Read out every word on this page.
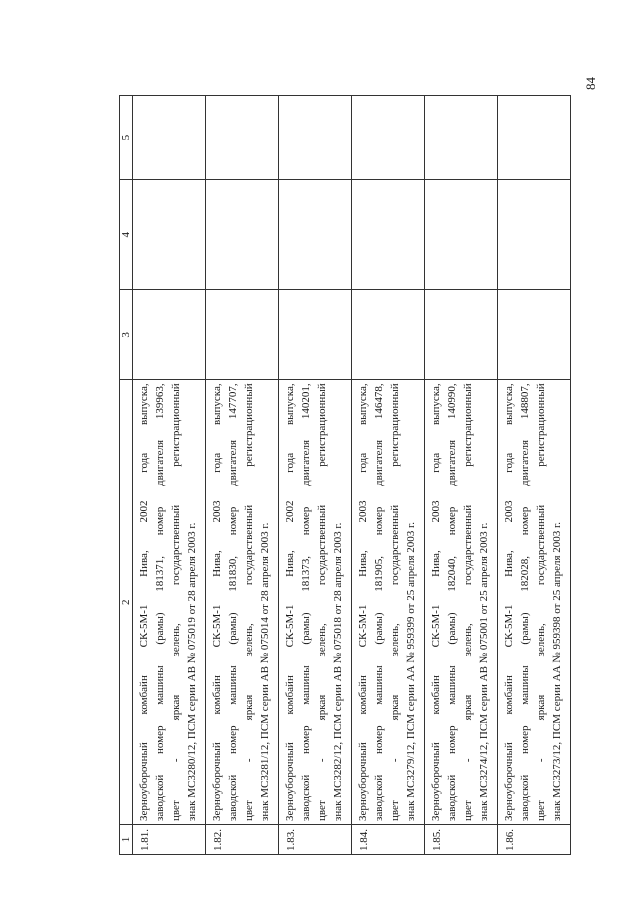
84
1	2	3	4	5
1.81.	Зерноуборочный комбайн СК-5М-1 Нива, 2002 года выпуска, заводской номер машины (рамы) 181371, номер двигателя 139963, цвет - яркая зелень, государственный регистрационный знак МС3280/12, ПСМ серии АВ № 075019 от 28 апреля 2003 г.			

1.82.	Зерноуборочный комбайн СК-5М-1 Нива, 2003 года выпуска, заводской номер машины (рамы) 181830, номер двигателя 147707, цвет - яркая зелень, государственный регистрационный знак МС3281/12, ПСМ серии АВ № 075014 от 28 апреля 2003 г.			

1.83.	Зерноуборочный комбайн СК-5М-1 Нива, 2002 года выпуска, заводской номер машины (рамы) 181373, номер двигателя 140201, цвет - яркая зелень, государственный регистрационный знак МС3282/12, ПСМ серии АВ № 075018 от 28 апреля 2003 г.			

1.84.	Зерноуборочный комбайн СК-5М-1 Нива, 2003 года выпуска, заводской номер машины (рамы) 181905, номер двигателя 146478, цвет - яркая зелень, государственный регистрационный знак МС3279/12, ПСМ серии АА № 959399 от 25 апреля 2003 г.			

1.85.	Зерноуборочный комбайн СК-5М-1 Нива, 2003 года выпуска, заводской номер машины (рамы) 182040, номер двигателя 140990, цвет - яркая зелень, государственный регистрационный знак МС3274/12, ПСМ серии АВ № 075001 от 25 апреля 2003 г.			

1.86.	Зерноуборочный комбайн СК-5М-1 Нива, 2003 года выпуска, заводской номер машины (рамы) 182028, номер двигателя 148807, цвет - яркая зелень, государственный регистрационный знак МС3273/12, ПСМ серии АА № 959398 от 25 апреля 2003 г.			
